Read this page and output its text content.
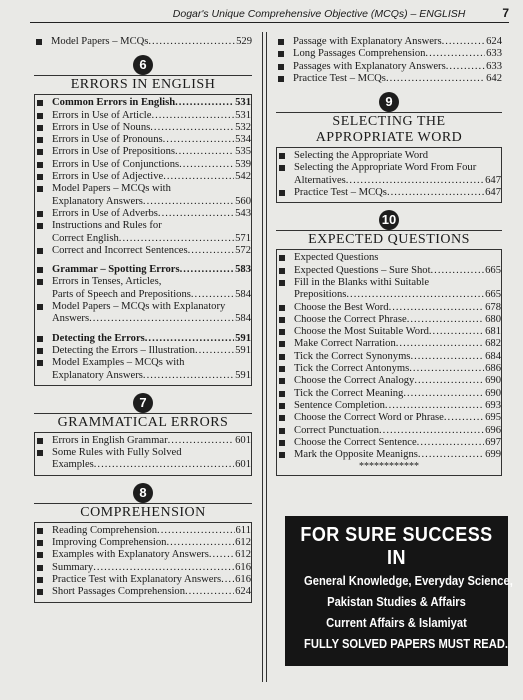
Dogar's Unique Comprehensive Objective (MCQs) – ENGLISH	7
Model Papers – MCQs .....	529
6
ERRORS IN ENGLISH
Common Errors in English .....	531
Errors in Use of Article .....	531
Errors in Use of Nouns .....	532
Errors in Use of Pronouns .....	534
Errors in Use of Prepositions .....	535
Errors in Use of Conjunctions .....	539
Errors in Use of Adjective .....	542
Model Papers – MCQs with
Explanatory Answers .....	560
Errors in Use of Adverbs .....	543
Instructions and Rules for
Correct English .....	571
Correct and Incorrect Sentences .....	572
Grammar – Spotting Errors .....	583
Errors in Tenses, Articles,
Parts of Speech and Prepositions .....	584
Model Papers – MCQs with Explanatory
Answers .....	584
Detecting the Errors .....	591
Detecting the Errors – Illustration .....	591
Model Examples – MCQs with
Explanatory Answers .....	591
7
GRAMMATICAL ERRORS
Errors in English Grammar .....	601
Some Rules with Fully Solved
Examples .....	601
8
COMPREHENSION
Reading Comprehension .....	611
Improving Comprehension .....	612
Examples with Explanatory Answers ..... 612
Summary .....	616
Practice Test with Explanatory Answers ..... 616
Short Passages Comprehension .....	624
Passage with Explanatory Answers .....	624
Long Passages Comprehension .....	633
Passages with Explanatory Answers .....	633
Practice Test – MCQs .....	642
9
SELECTING THE
APPROPRIATE WORD
Selecting the Appropriate Word
Selecting the Appropriate Word From Four
Alternatives .....	647
Practice Test – MCQs .....	647
10
EXPECTED QUESTIONS
Expected Questions
Expected Questions – Sure Shot .....	665
Fill in the Blanks withi Suitable
Prepositions .....	665
Choose the Best Word .....	678
Choose the Correct Phrase .....	680
Choose the Most Suitable Word .....	681
Make Correct Narration .....	682
Tick the Correct Synonyms .....	684
Tick the Correct Antonyms .....	686
Choose the Correct Analogy .....	690
Tick the Correct Meaning .....	690
Sentence Completion .....	693
Choose the Correct Word or Phrase .....	695
Correct Punctuation .....	696
Choose the Correct Sentence .....	697
Mark the Opposite Meanigns .....	699
************
FOR SURE SUCCESS IN
General Knowledge, Everyday Science,
Pakistan Studies & Affairs
Current Affairs & Islamiyat
FULLY SOLVED PAPERS MUST READ.
